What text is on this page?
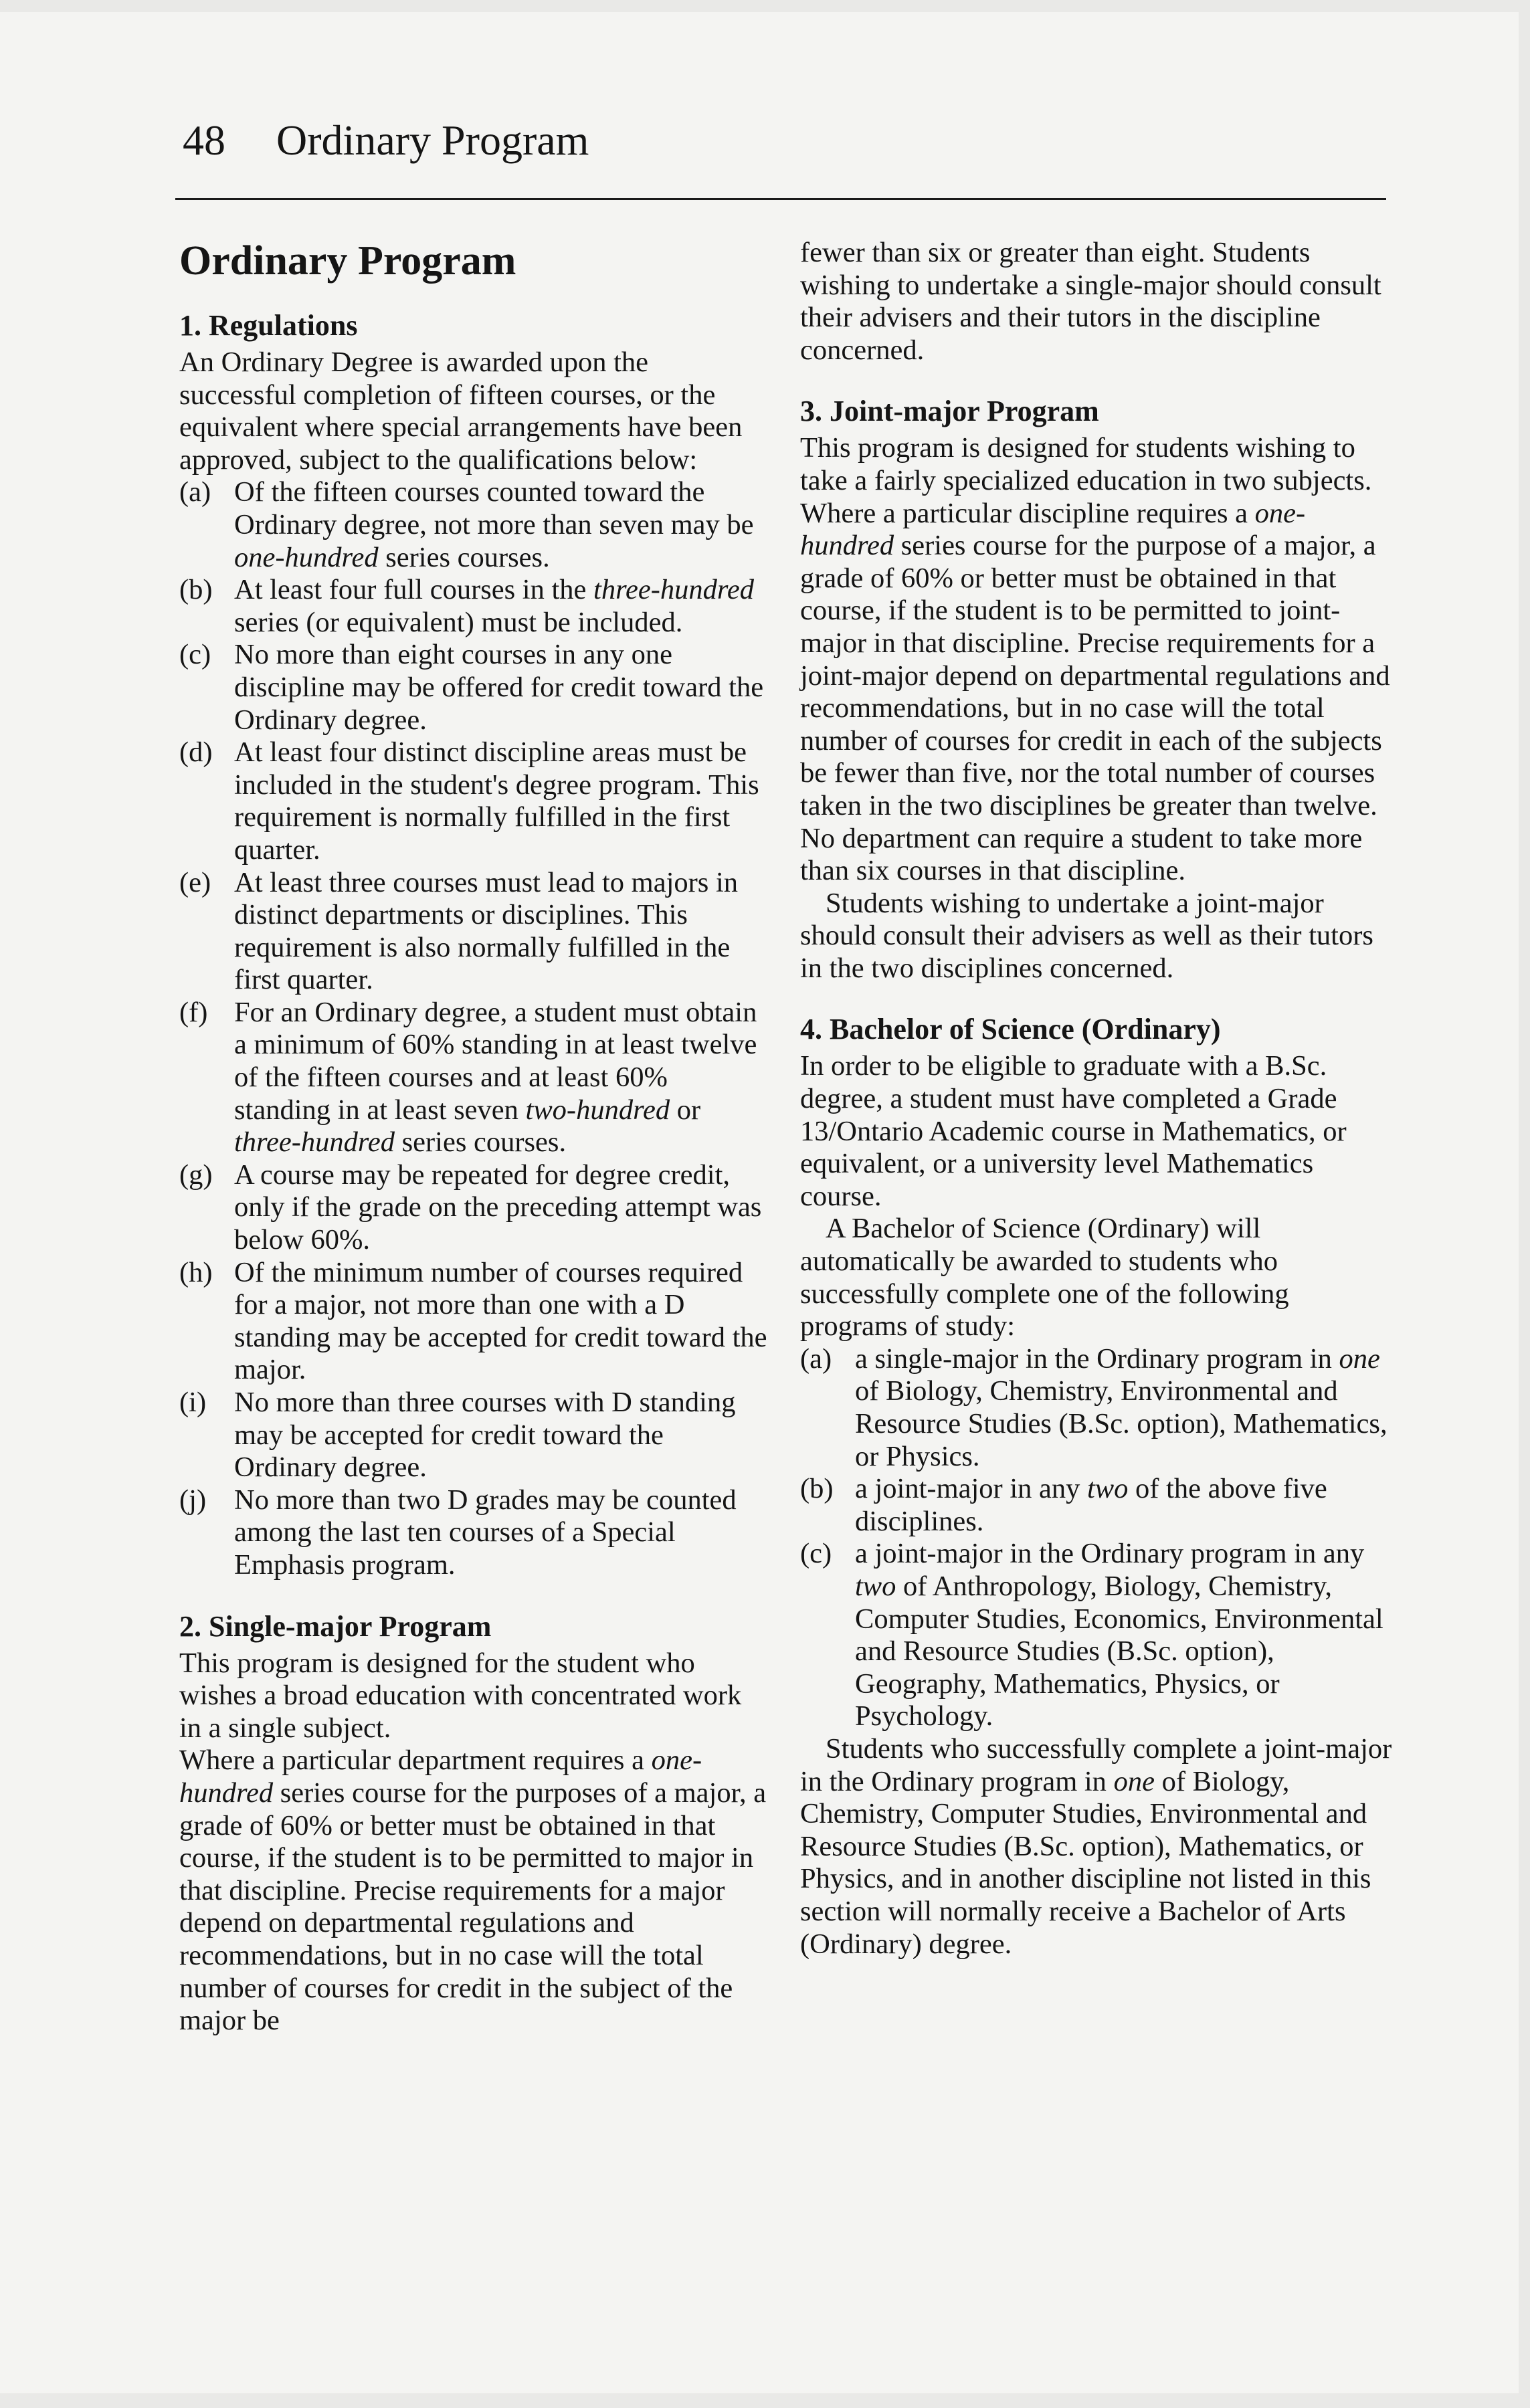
48 Ordinary Program
Ordinary Program
1. Regulations

An Ordinary Degree is awarded upon the successful completion of fifteen courses, or the equivalent where special arrangements have been approved, subject to the qualifications below:

(a) Of the fifteen courses counted toward the Ordinary degree, not more than seven may be one-hundred series courses.
(b) At least four full courses in the three-hundred series (or equivalent) must be included.
(c) No more than eight courses in any one discipline may be offered for credit toward the Ordinary degree.
(d) At least four distinct discipline areas must be included in the student's degree program. This requirement is normally fulfilled in the first quarter.
(e) At least three courses must lead to majors in distinct departments or disciplines. This requirement is also normally fulfilled in the first quarter.
(f) For an Ordinary degree, a student must obtain a minimum of 60% standing in at least twelve of the fifteen courses and at least 60% standing in at least seven two-hundred or three-hundred series courses.
(g) A course may be repeated for degree credit, only if the grade on the preceding attempt was below 60%.
(h) Of the minimum number of courses required for a major, not more than one with a D standing may be accepted for credit toward the major.
(i) No more than three courses with D standing may be accepted for credit toward the Ordinary degree.
(j) No more than two D grades may be counted among the last ten courses of a Special Emphasis program.
2. Single-major Program

This program is designed for the student who wishes a broad education with concentrated work in a single subject.

Where a particular department requires a one-hundred series course for the purposes of a major, a grade of 60% or better must be obtained in that course, if the student is to be permitted to major in that discipline. Precise requirements for a major depend on departmental regulations and recommendations, but in no case will the total number of courses for credit in the subject of the major be

fewer than six or greater than eight. Students wishing to undertake a single-major should consult their advisers and their tutors in the discipline concerned.

3. Joint-major Program

This program is designed for students wishing to take a fairly specialized education in two subjects. Where a particular discipline requires a one-hundred series course for the purpose of a major, a grade of 60% or better must be obtained in that course, if the student is to be permitted to joint-major in that discipline. Precise requirements for a joint-major depend on departmental regulations and recommendations, but in no case will the total number of courses for credit in each of the subjects be fewer than five, nor the total number of courses taken in the two disciplines be greater than twelve. No department can require a student to take more than six courses in that discipline.

Students wishing to undertake a joint-major should consult their advisers as well as their tutors in the two disciplines concerned.

4. Bachelor of Science (Ordinary)

In order to be eligible to graduate with a B.Sc. degree, a student must have completed a Grade 13/Ontario Academic course in Mathematics, or equivalent, or a university level Mathematics course.

A Bachelor of Science (Ordinary) will automatically be awarded to students who successfully complete one of the following programs of study:

(a) a single-major in the Ordinary program in one of Biology, Chemistry, Environmental and Resource Studies (B.Sc. option), Mathematics, or Physics.
(b) a joint-major in any two of the above five disciplines.
(c) a joint-major in the Ordinary program in any two of Anthropology, Biology, Chemistry, Computer Studies, Economics, Environmental and Resource Studies (B.Sc. option), Geography, Mathematics, Physics, or Psychology.

Students who successfully complete a joint-major in the Ordinary program in one of Biology, Chemistry, Computer Studies, Environmental and Resource Studies (B.Sc. option), Mathematics, or Physics, and in another discipline not listed in this section will normally receive a Bachelor of Arts (Ordinary) degree.
